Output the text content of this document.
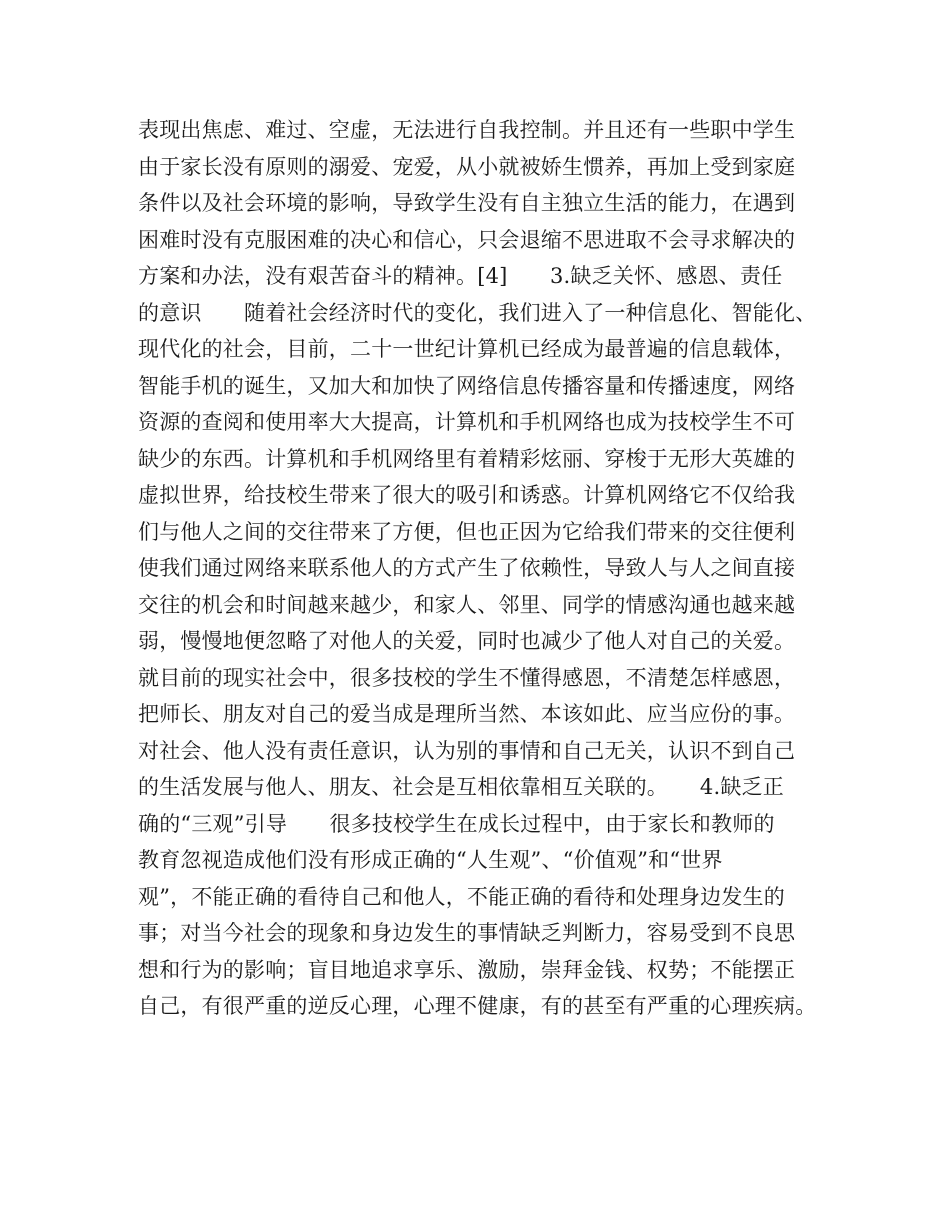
表现出焦虑、难过、空虚，无法进行自我控制。并且还有一些职中学生
由于家长没有原则的溺爱、宠爱，从小就被娇生惯养，再加上受到家庭
条件以及社会环境的影响，导致学生没有自主独立生活的能力，在遇到
困难时没有克服困难的决心和信心，只会退缩不思进取不会寻求解决的
方案和办法，没有艰苦奋斗的精神。[4]　　3.缺乏关怀、感恩、责任
的意识　　随着社会经济时代的变化，我们进入了一种信息化、智能化、
现代化的社会，目前，二十一世纪计算机已经成为最普遍的信息载体，
智能手机的诞生，又加大和加快了网络信息传播容量和传播速度，网络
资源的查阅和使用率大大提高，计算机和手机网络也成为技校学生不可
缺少的东西。计算机和手机网络里有着精彩炫丽、穿梭于无形大英雄的
虚拟世界，给技校生带来了很大的吸引和诱惑。计算机网络它不仅给我
们与他人之间的交往带来了方便，但也正因为它给我们带来的交往便利
使我们通过网络来联系他人的方式产生了依赖性，导致人与人之间直接
交往的机会和时间越来越少，和家人、邻里、同学的情感沟通也越来越
弱，慢慢地便忽略了对他人的关爱，同时也减少了他人对自己的关爱。
就目前的现实社会中，很多技校的学生不懂得感恩，不清楚怎样感恩，
把师长、朋友对自己的爱当成是理所当然、本该如此、应当应份的事。
对社会、他人没有责任意识，认为别的事情和自己无关，认识不到自己
的生活发展与他人、朋友、社会是互相依靠相互关联的。　　4.缺乏正
确的“三观”引导　　很多技校学生在成长过程中，由于家长和教师的
教育忽视造成他们没有形成正确的“人生观”、“价值观”和“世界
观”，不能正确的看待自己和他人，不能正确的看待和处理身边发生的
事；对当今社会的现象和身边发生的事情缺乏判断力，容易受到不良思
想和行为的影响；盲目地追求享乐、激励，崇拜金钱、权势；不能摆正
自己，有很严重的逆反心理，心理不健康，有的甚至有严重的心理疾病。
